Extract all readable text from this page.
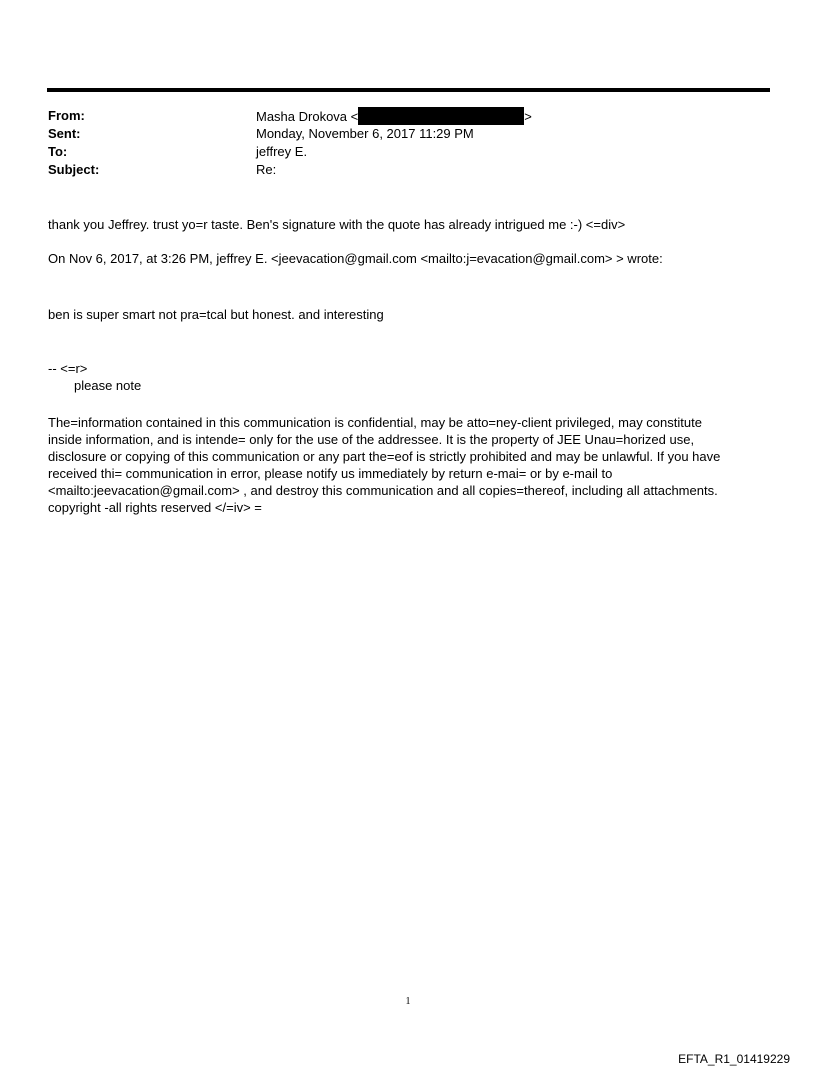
From:	Masha Drokova <	>
Sent:	Monday, November 6, 2017 11:29 PM
To:	jeffrey E.
Subject:	Re:
thank you Jeffrey. trust yo=r taste. Ben's signature with the quote has already intrigued me :-) <=div>
On Nov 6, 2017, at 3:26 PM, jeffrey E. <jeevacation@gmail.com <mailto:j=evacation@gmail.com> > wrote:
ben is super smart not pra=tcal but honest. and interesting
-- <=r>
please note
The=information contained in this communication is confidential, may be atto=ney-client privileged, may constitute
inside information, and is intende= only for the use of the addressee. It is the property of JEE Unau=horized use,
disclosure or copying of this communication or any part the=eof is strictly prohibited and may be unlawful. If you have
received thi= communication in error, please notify us immediately by return e-mai= or by e-mail to
<mailto:jeevacation@gmail.com> , and destroy this communication and all copies=thereof, including all attachments.
copyright -all rights reserved </=iv> =
1
EFTA_R1_01419229
